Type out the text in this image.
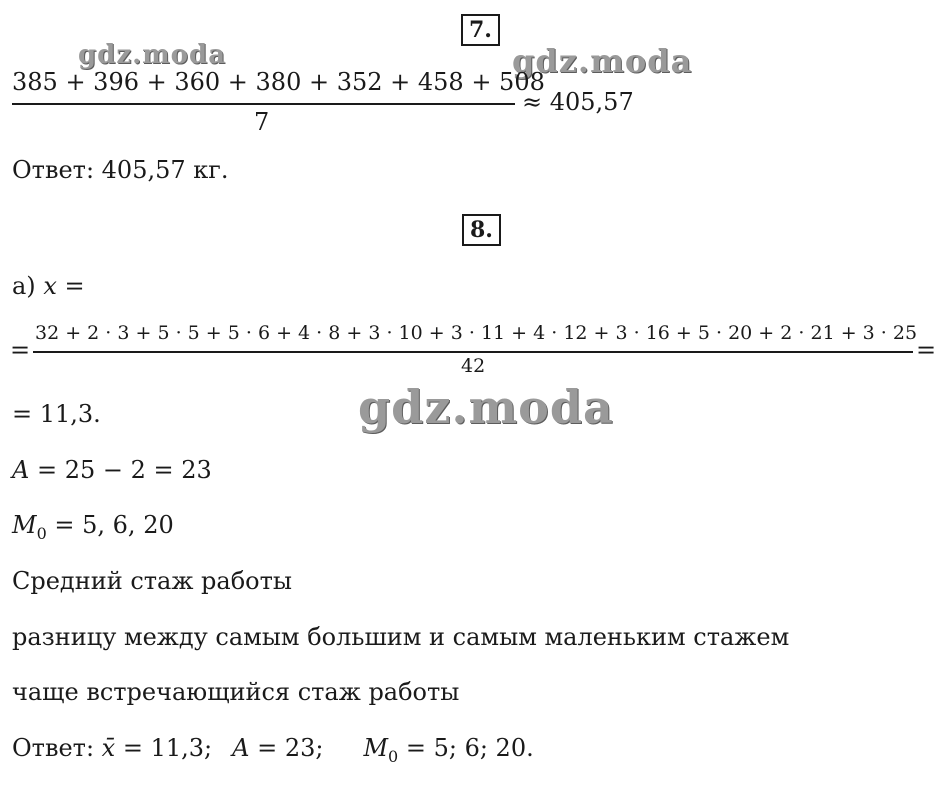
gdz.moda	gdz.moda
gdz.moda
7.
385 + 396 + 360 + 380 + 352 + 458 + 508
7
≈ 405,57
Ответ: 405,57 кг.
8.
а) x =
=
32 + 2 · 3 + 5 · 5 + 5 · 6 + 4 · 8 + 3 · 10 + 3 · 11 + 4 · 12 + 3 · 16 + 5 · 20 + 2 · 21 + 3 · 25
42
=
= 11,3.
A = 25 − 2 = 23
$M_0 = 5$, 6, 20
Средний стаж работы
разницу между самым большим и самым маленьким стажем
чаще встречающийся стаж работы
Ответ: x̄ = 11,3; A = 23; $M_0 = 5$; 6; 20.
